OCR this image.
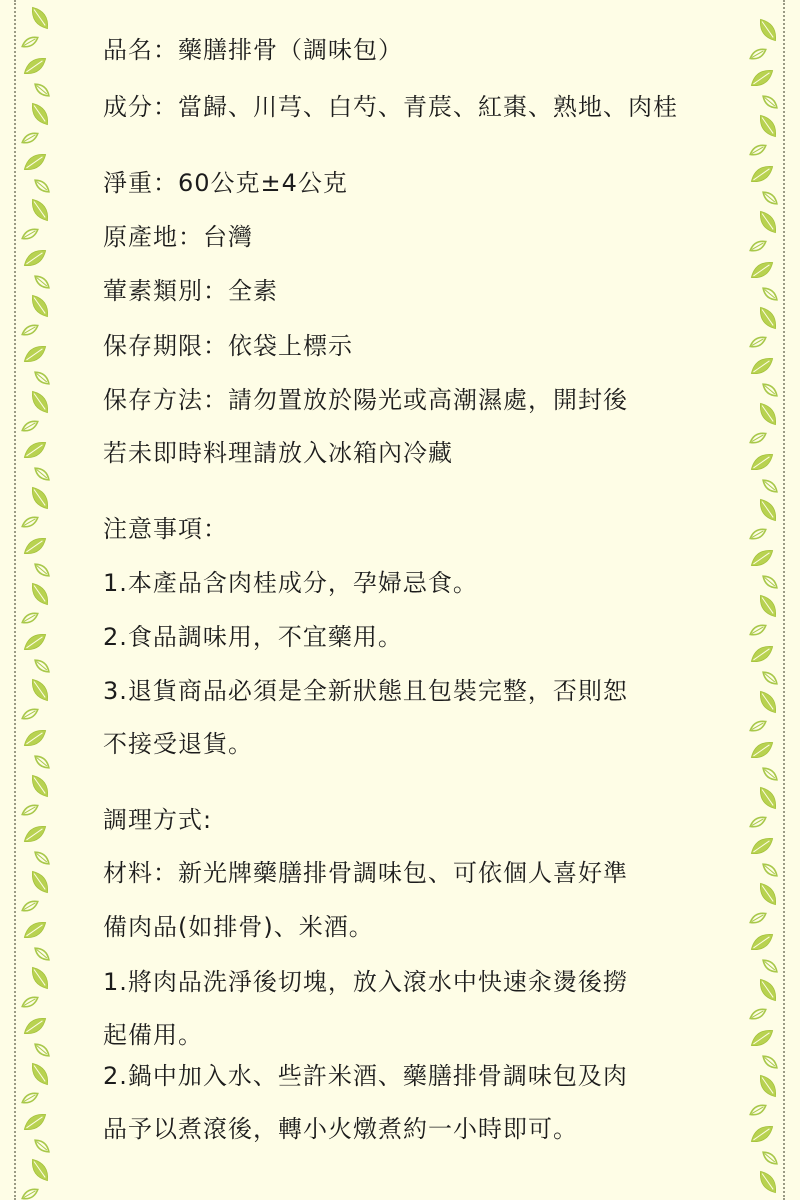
品名：藥膳排骨（調味包）
成分：當歸、川芎、白芍、青莀、紅棗、熟地、肉桂
淨重：60公克±4公克
原產地：台灣
葷素類別：全素
保存期限：依袋上標示
保存方法：請勿置放於陽光或高潮濕處，開封後
若未即時料理請放入冰箱內冷藏
注意事項：
1.本產品含肉桂成分，孕婦忌食。
2.食品調味用，不宜藥用。
3.退貨商品必須是全新狀態且包裝完整，否則恕
不接受退貨。
調理方式:
材料：新光牌藥膳排骨調味包、可依個人喜好準
備肉品(如排骨)、米酒。
1.將肉品洗淨後切塊，放入滾水中快速汆燙後撈
起備用。
2.鍋中加入水、些許米酒、藥膳排骨調味包及肉
品予以煮滾後，轉小火燉煮約一小時即可。
